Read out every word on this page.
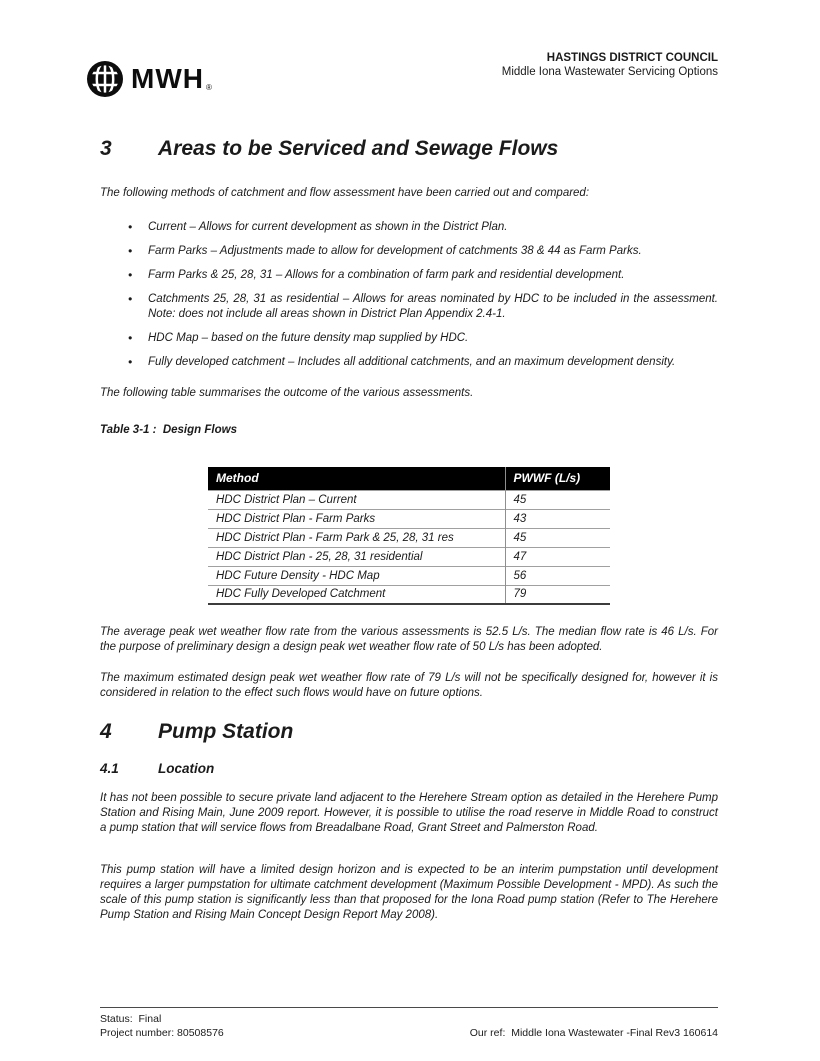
MWH ®
HASTINGS DISTRICT COUNCIL
Middle Iona Wastewater Servicing Options
3	Areas to be Serviced and Sewage Flows
The following methods of catchment and flow assessment have been carried out and compared:
• Current – Allows for current development as shown in the District Plan.
• Farm Parks – Adjustments made to allow for development of catchments 38 & 44 as Farm Parks.
• Farm Parks & 25, 28, 31 – Allows for a combination of farm park and residential development.
• Catchments 25, 28, 31 as residential – Allows for areas nominated by HDC to be included in the assessment. Note: does not include all areas shown in District Plan Appendix 2.4-1.
• HDC Map – based on the future density map supplied by HDC.
• Fully developed catchment – Includes all additional catchments, and an maximum development density.
The following table summarises the outcome of the various assessments.
Table 3-1 :  Design Flows
Method	PWWF (L/s)
HDC District Plan – Current	45
HDC District Plan - Farm Parks	43
HDC District Plan - Farm Park & 25, 28, 31 res	45
HDC District Plan - 25, 28, 31 residential	47
HDC Future Density - HDC Map	56
HDC Fully Developed Catchment	79
The average peak wet weather flow rate from the various assessments is 52.5 L/s. The median flow rate is 46 L/s. For the purpose of preliminary design a design peak wet weather flow rate of 50 L/s has been adopted.
The maximum estimated design peak wet weather flow rate of 79 L/s will not be specifically designed for, however it is considered in relation to the effect such flows would have on future options.
4	Pump Station
4.1	Location
It has not been possible to secure private land adjacent to the Herehere Stream option as detailed in the Herehere Pump Station and Rising Main, June 2009 report. However, it is possible to utilise the road reserve in Middle Road to construct a pump station that will service flows from Breadalbane Road, Grant Street and Palmerston Road.
This pump station will have a limited design horizon and is expected to be an interim pumpstation until development requires a larger pumpstation for ultimate catchment development (Maximum Possible Development - MPD). As such the scale of this pump station is significantly less than that proposed for the Iona Road pump station (Refer to The Herehere Pump Station and Rising Main Concept Design Report May 2008).
Status:  Final
Project number: 80508576	Our ref:  Middle Iona Wastewater -Final Rev3 160614
